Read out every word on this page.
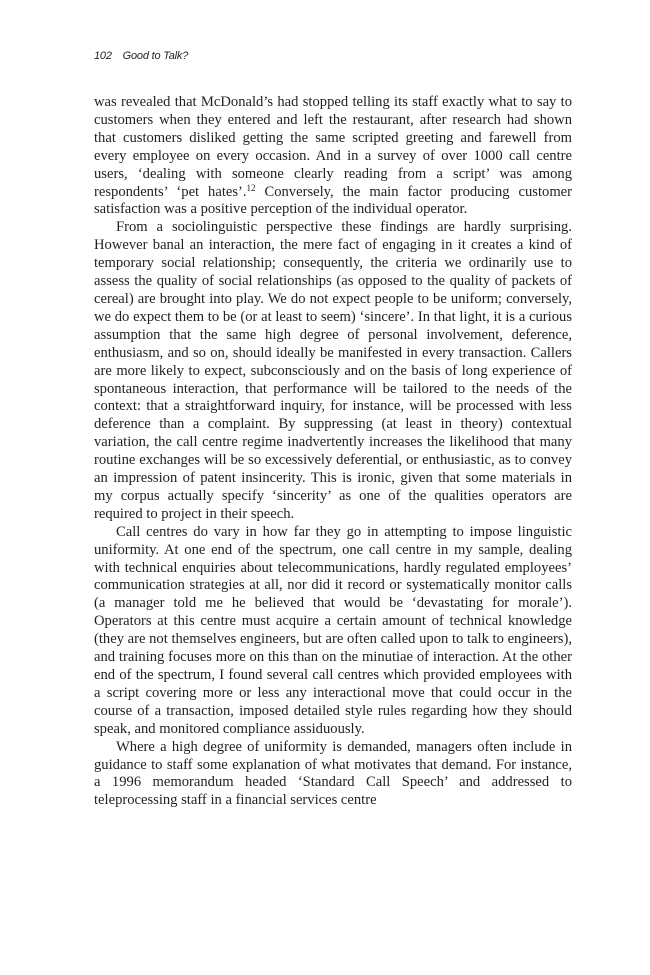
102 Good to Talk?

was revealed that McDonald’s had stopped telling its staff exactly what to say to customers when they entered and left the restaurant, after research had shown that customers disliked getting the same scripted greeting and farewell from every employee on every occasion. And in a survey of over 1000 call centre users, ‘dealing with someone clearly reading from a script’ was among respondents’ ‘pet hates’.$^{12}$ Conversely, the main factor producing customer satisfaction was a positive perception of the individual operator.

From a sociolinguistic perspective these findings are hardly surprising. However banal an interaction, the mere fact of engaging in it creates a kind of temporary social relationship; consequently, the criteria we ordinarily use to assess the quality of social relationships (as opposed to the quality of packets of cereal) are brought into play. We do not expect people to be uniform; conversely, we do expect them to be (or at least to seem) ‘sincere’. In that light, it is a curious assumption that the same high degree of personal involvement, deference, enthusiasm, and so on, should ideally be manifested in every transaction. Callers are more likely to expect, subconsciously and on the basis of long experience of spontaneous interaction, that performance will be tailored to the needs of the context: that a straightforward inquiry, for instance, will be processed with less deference than a complaint. By suppressing (at least in theory) contextual variation, the call centre regime inadvertently increases the likelihood that many routine exchanges will be so excessively deferential, or enthusiastic, as to convey an impression of patent insincerity. This is ironic, given that some materials in my corpus actually specify ‘sincerity’ as one of the qualities operators are required to project in their speech.

Call centres do vary in how far they go in attempting to impose linguistic uniformity. At one end of the spectrum, one call centre in my sample, dealing with technical enquiries about telecommunications, hardly regulated employees’ communication strategies at all, nor did it record or systematically monitor calls (a manager told me he believed that would be ‘devastating for morale’). Operators at this centre must acquire a certain amount of technical knowledge (they are not themselves engineers, but are often called upon to talk to engineers), and training focuses more on this than on the minutiae of interaction. At the other end of the spectrum, I found several call centres which provided employees with a script covering more or less any interactional move that could occur in the course of a transaction, imposed detailed style rules regarding how they should speak, and monitored compliance assiduously.

Where a high degree of uniformity is demanded, managers often include in guidance to staff some explanation of what motivates that demand. For instance, a 1996 memorandum headed ‘Standard Call Speech’ and addressed to teleprocessing staff in a financial services centre
